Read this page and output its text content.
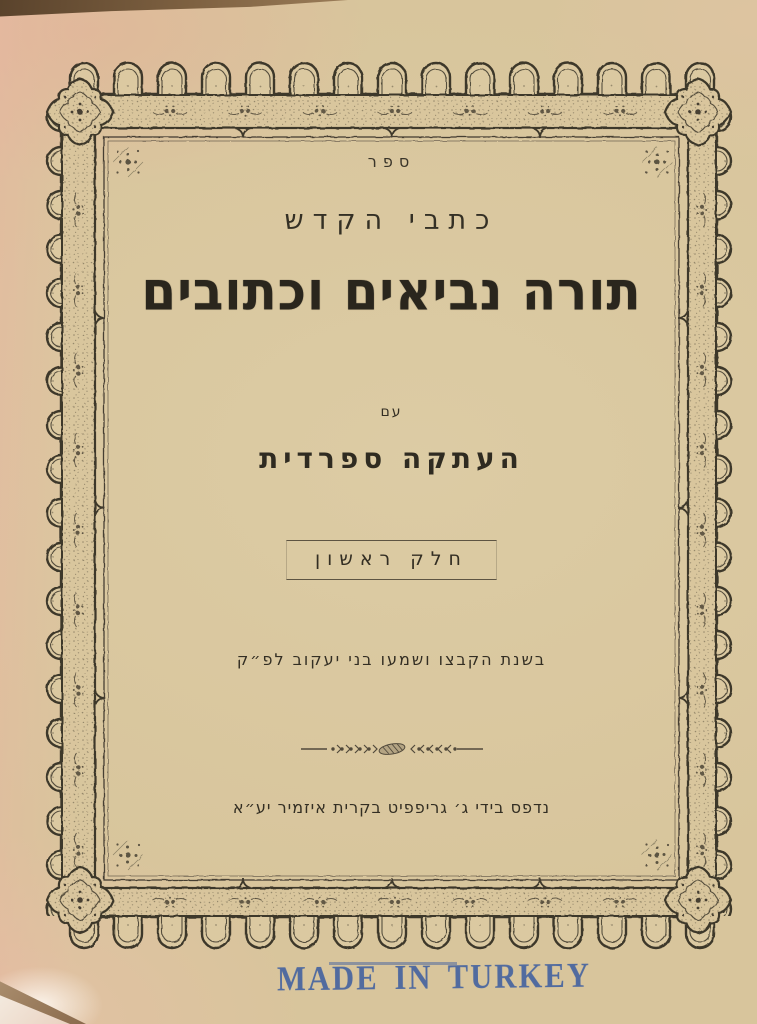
ספר
כתבי הקדש
תורה נביאים וכתובים
עם
העתקה ספרדית
חלק ראשון
בשנת הקבצו ושמעו בני יעקוב לפ״ק
נדפס בידי ג׳ גריפפיט בקרית איזמיר יע״א
MADE IN TURKEY
